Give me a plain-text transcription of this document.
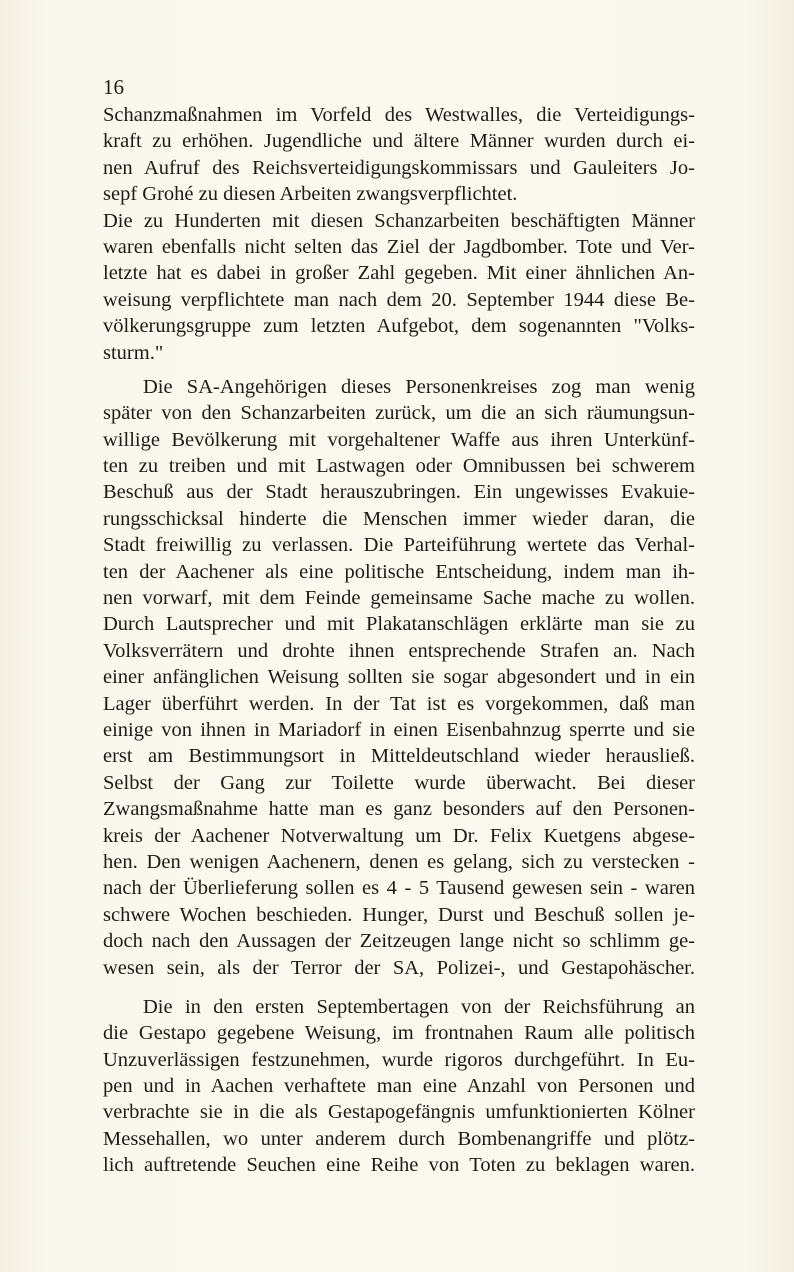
16
Schanzmaßnahmen im Vorfeld des Westwalles, die Verteidigungs-
kraft zu erhöhen. Jugendliche und ältere Männer wurden durch ei-
nen Aufruf des Reichsverteidigungskommissars und Gauleiters Jo-
sepf Grohé zu diesen Arbeiten zwangsverpflichtet.
Die zu Hunderten mit diesen Schanzarbeiten beschäftigten Männer
waren ebenfalls nicht selten das Ziel der Jagdbomber. Tote und Ver-
letzte hat es dabei in großer Zahl gegeben. Mit einer ähnlichen An-
weisung verpflichtete man nach dem 20. September 1944 diese Be-
völkerungsgruppe zum letzten Aufgebot, dem sogenannten "Volks-
sturm."
Die SA-Angehörigen dieses Personenkreises zog man wenig
später von den Schanzarbeiten zurück, um die an sich räumungsun-
willige Bevölkerung mit vorgehaltener Waffe aus ihren Unterkünf-
ten zu treiben und mit Lastwagen oder Omnibussen bei schwerem
Beschuß aus der Stadt herauszubringen. Ein ungewisses Evakuie-
rungsschicksal hinderte die Menschen immer wieder daran, die
Stadt freiwillig zu verlassen. Die Parteiführung wertete das Verhal-
ten der Aachener als eine politische Entscheidung, indem man ih-
nen vorwarf, mit dem Feinde gemeinsame Sache mache zu wollen.
Durch Lautsprecher und mit Plakatanschlägen erklärte man sie zu
Volksverrätern und drohte ihnen entsprechende Strafen an. Nach
einer anfänglichen Weisung sollten sie sogar abgesondert und in ein
Lager überführt werden. In der Tat ist es vorgekommen, daß man
einige von ihnen in Mariadorf in einen Eisenbahnzug sperrte und sie
erst am Bestimmungsort in Mitteldeutschland wieder herausließ.
Selbst der Gang zur Toilette wurde überwacht. Bei dieser
Zwangsmaßnahme hatte man es ganz besonders auf den Personen-
kreis der Aachener Notverwaltung um Dr. Felix Kuetgens abgese-
hen. Den wenigen Aachenern, denen es gelang, sich zu verstecken -
nach der Überlieferung sollen es 4 - 5 Tausend gewesen sein - waren
schwere Wochen beschieden. Hunger, Durst und Beschuß sollen je-
doch nach den Aussagen der Zeitzeugen lange nicht so schlimm ge-
wesen sein, als der Terror der SA, Polizei-, und Gestapohäscher.
Die in den ersten Septembertagen von der Reichsführung an
die Gestapo gegebene Weisung, im frontnahen Raum alle politisch
Unzuverlässigen festzunehmen, wurde rigoros durchgeführt. In Eu-
pen und in Aachen verhaftete man eine Anzahl von Personen und
verbrachte sie in die als Gestapogefängnis umfunktionierten Kölner
Messehallen, wo unter anderem durch Bombenangriffe und plötz-
lich auftretende Seuchen eine Reihe von Toten zu beklagen waren.
